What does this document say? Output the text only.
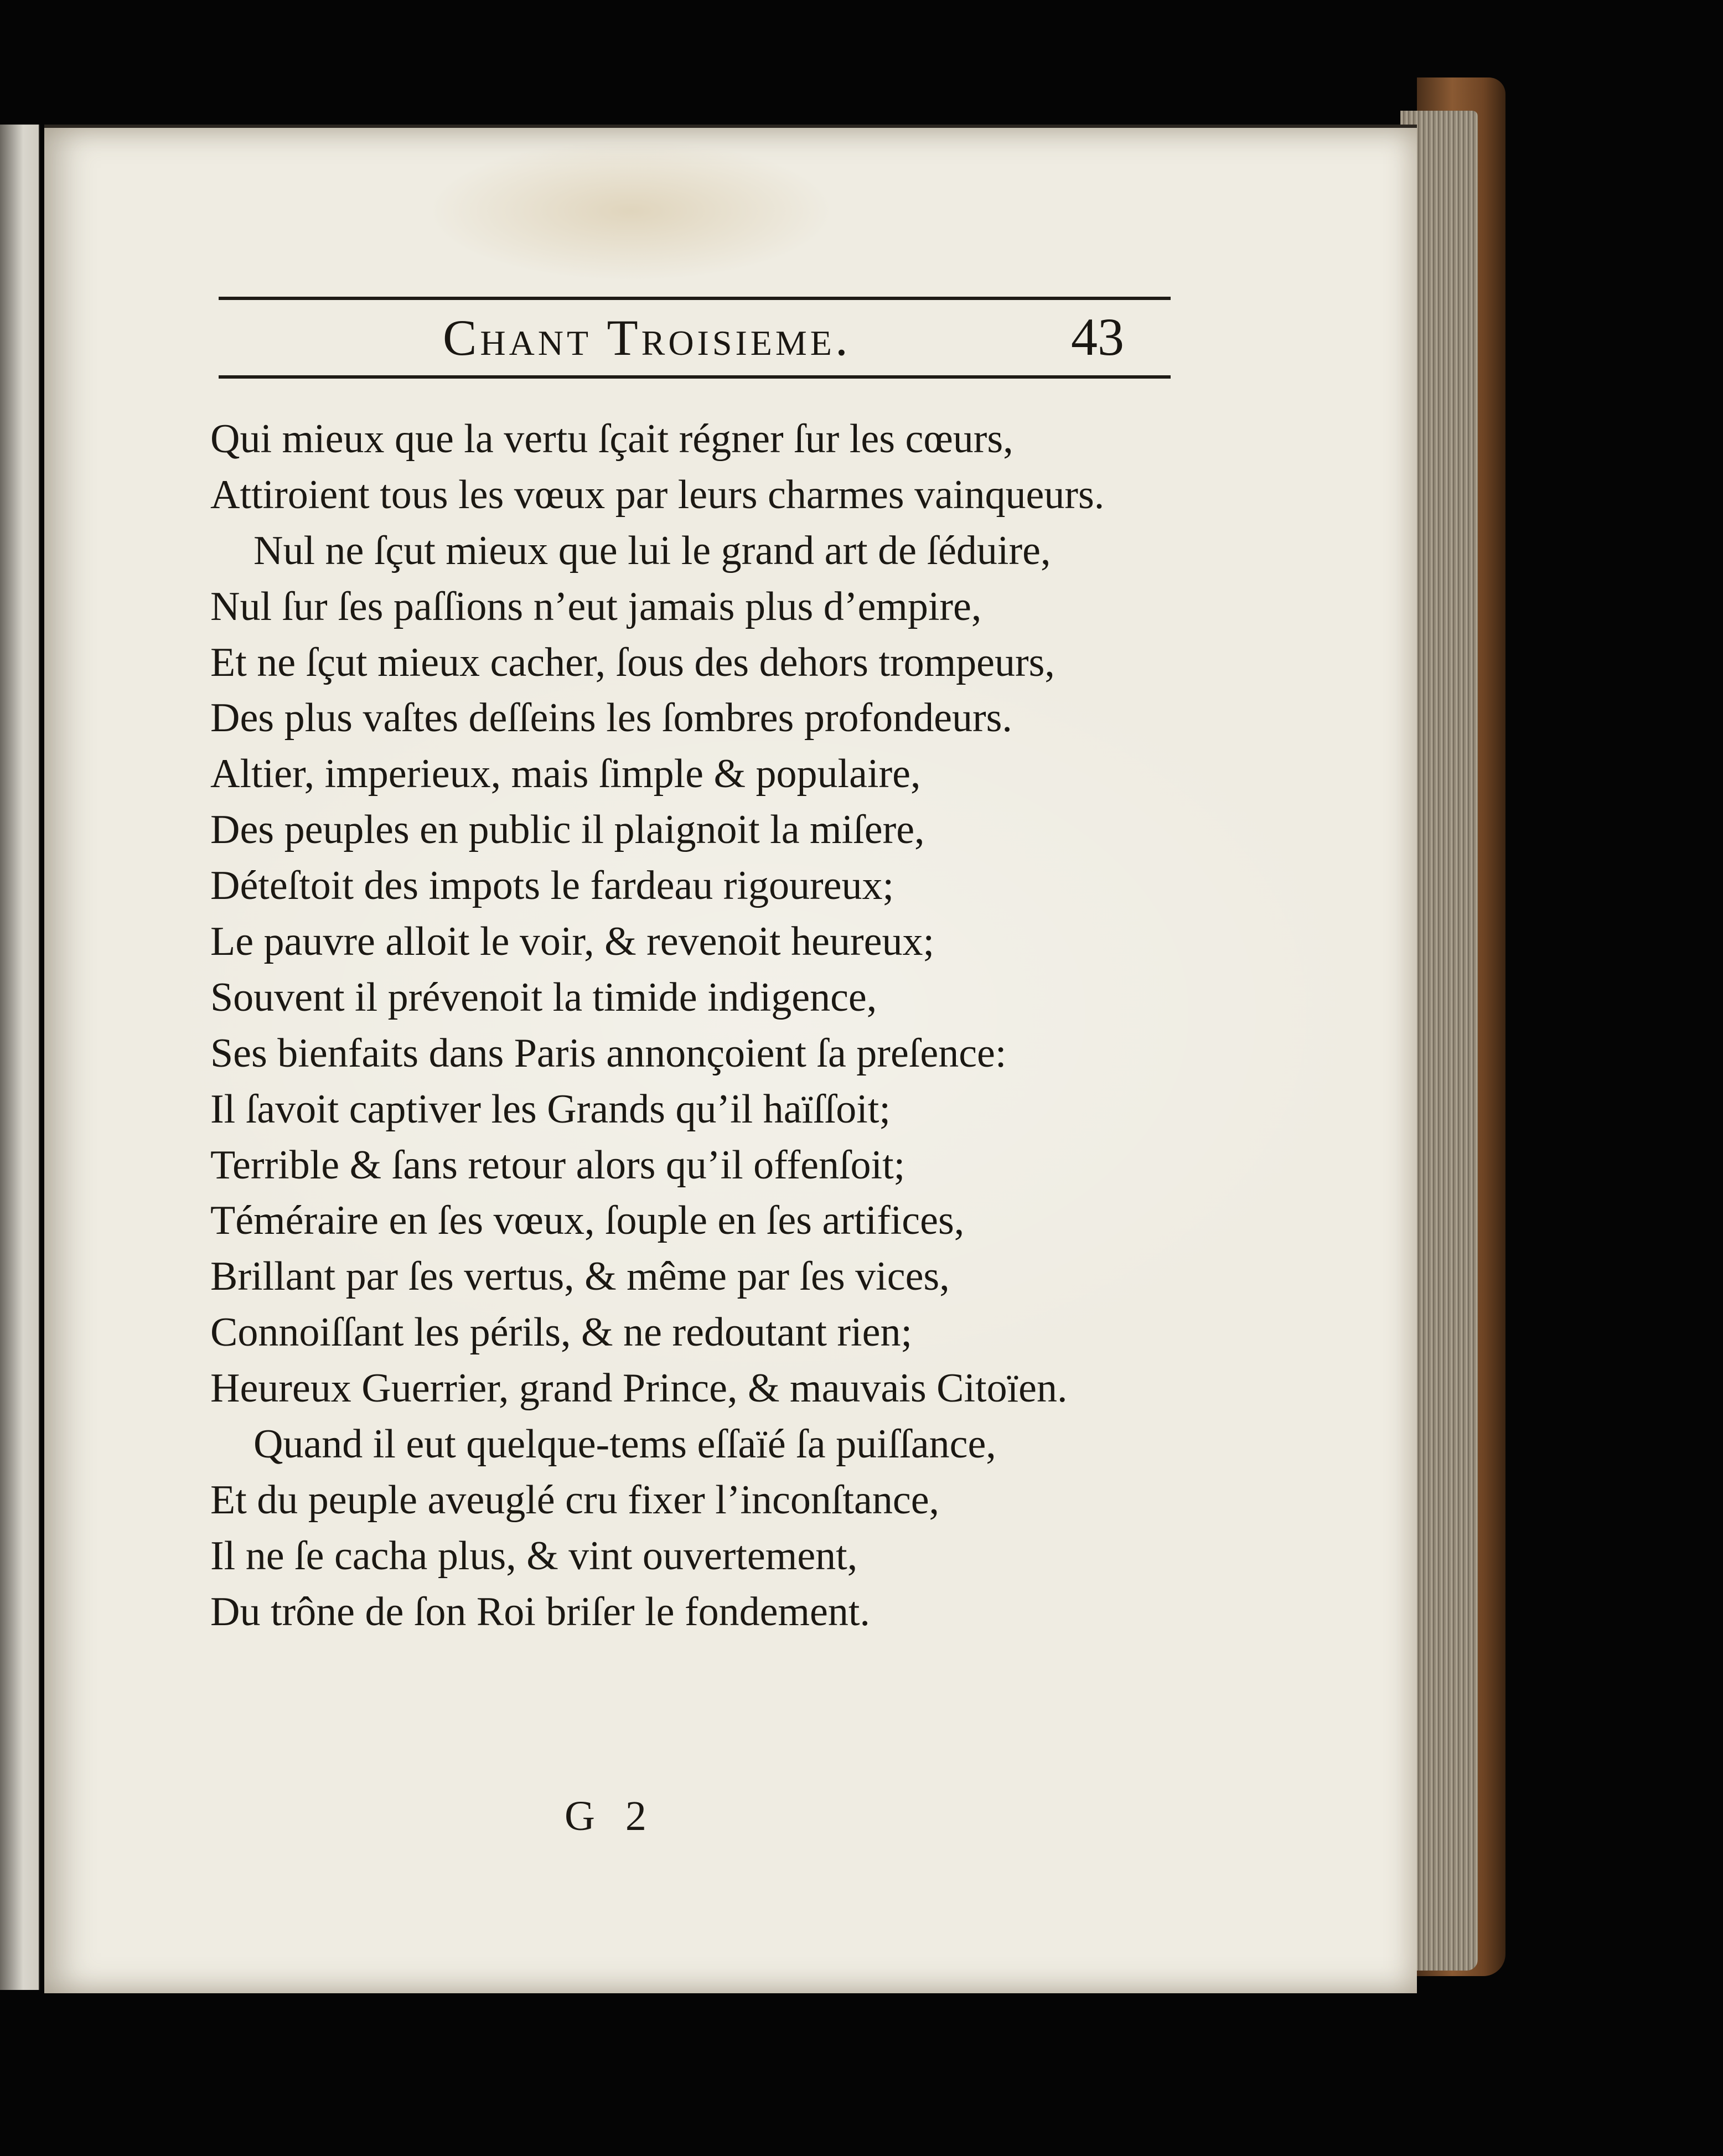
Chant Troisieme.	43
Qui mieux que la vertu ſçait régner ſur les cœurs,
Attiroient tous les vœux par leurs charmes vainqueurs.
Nul ne ſçut mieux que lui le grand art de ſéduire,
Nul ſur ſes paſſions n’eut jamais plus d’empire,
Et ne ſçut mieux cacher, ſous des dehors trompeurs,
Des plus vaſtes deſſeins les ſombres profondeurs.
Altier, imperieux, mais ſimple & populaire,
Des peuples en public il plaignoit la miſere,
Déteſtoit des impots le fardeau rigoureux;
Le pauvre alloit le voir, & revenoit heureux;
Souvent il prévenoit la timide indigence,
Ses bienfaits dans Paris annonçoient ſa preſence:
Il ſavoit captiver les Grands qu’il haïſſoit;
Terrible & ſans retour alors qu’il offenſoit;
Téméraire en ſes vœux, ſouple en ſes artifices,
Brillant par ſes vertus, & même par ſes vices,
Connoiſſant les périls, & ne redoutant rien;
Heureux Guerrier, grand Prince, & mauvais Citoïen.
Quand il eut quelque-tems eſſaïé ſa puiſſance,
Et du peuple aveuglé cru fixer l’inconſtance,
Il ne ſe cacha plus, & vint ouvertement,
Du trône de ſon Roi briſer le fondement.
G 2
